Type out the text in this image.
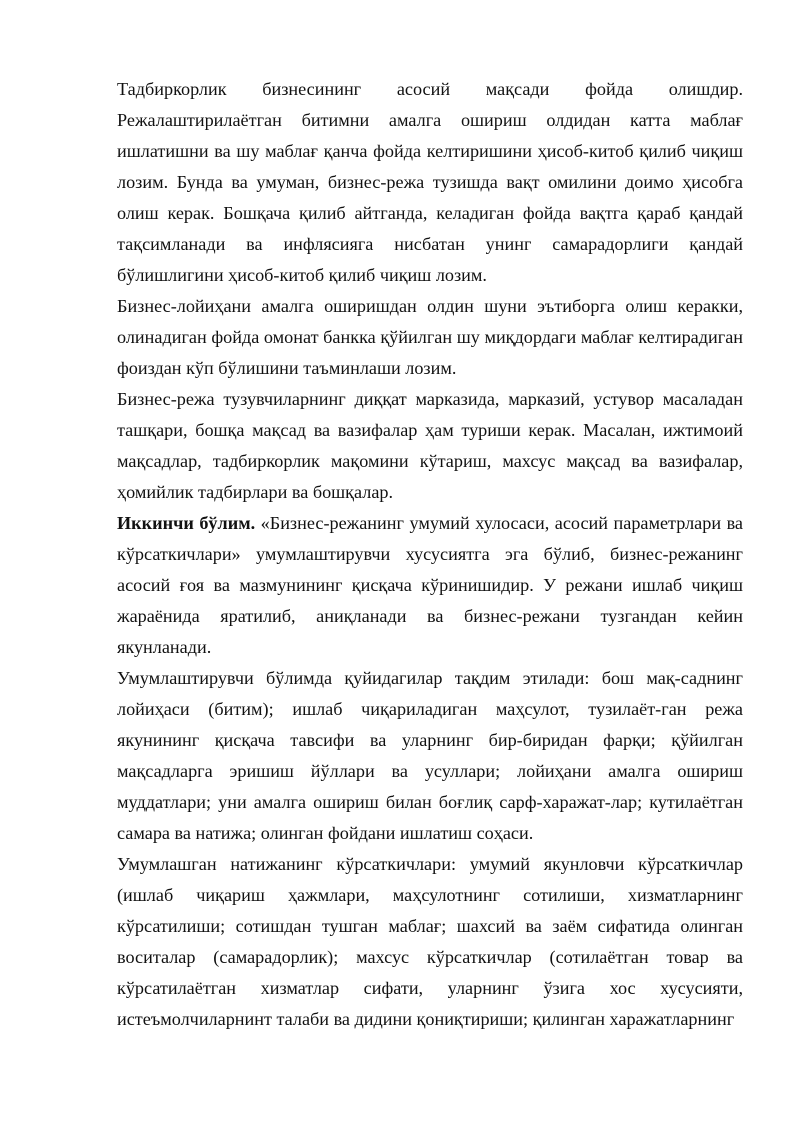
Тадбиркорлик бизнесининг асосий мақсади фойда олишдир. Режалаштирилаётган битимни амалга ошириш олдидан катта маблағ ишлатишни ва шу маблағ қанча фойда келтиришини ҳисоб-китоб қилиб чиқиш лозим. Бунда ва умуман, бизнес-режа тузишда вақт омилини доимо ҳисобга олиш керак. Бошқача қилиб айтганда, келадиган фойда вақтга қараб қандай тақсимланади ва инфлясияга нисбатан унинг самарадорлиги қандай бўлишлигини ҳисоб-китоб қилиб чиқиш лозим.

Бизнес-лойиҳани амалга оширишдан олдин шуни эътиборга олиш керакки, олинадиган фойда омонат банкка қўйилган шу миқдордаги маблағ келтирадиган фоиздан кўп бўлишини таъминлаши лозим.

Бизнес-режа тузувчиларнинг диққат марказида, марказий, устувор масаладан ташқари, бошқа мақсад ва вазифалар ҳам туриши керак. Масалан, ижтимоий мақсадлар, тадбиркорлик мақомини кўтариш, махсус мақсад ва вазифалар, ҳомийлик тадбирлари ва бошқалар.

Иккинчи бўлим. «Бизнес-режанинг умумий хулосаси, асосий параметрлари ва кўрсаткичлари» умумлаштирувчи хусусиятга эга бўлиб, бизнес-режанинг асосий ғоя ва мазмунининг қисқача кўринишидир. У режани ишлаб чиқиш жараёнида яратилиб, аниқланади ва бизнес-режани тузгандан кейин якунланади.

Умумлаштирувчи бўлимда қуйидагилар тақдим этилади: бош мақ-саднинг лойиҳаси (битим); ишлаб чиқариладиган маҳсулот, тузилаёт-ган режа якунининг қисқача тавсифи ва уларнинг бир-биридан фарқи; қўйилган мақсадларга эришиш йўллари ва усуллари; лойиҳани амалга ошириш муддатлари; уни амалга ошириш билан боғлиқ сарф-харажат-лар; кутилаётган самара ва натижа; олинган фойдани ишлатиш соҳаси.

Умумлашган натижанинг кўрсаткичлари: умумий якунловчи кўрсаткичлар (ишлаб чиқариш ҳажмлари, маҳсулотнинг сотилиши, хизматларнинг кўрсатилиши; сотишдан тушган маблағ; шахсий ва заём сифатида олинган воситалар (самарадорлик); махсус кўрсаткичлар (сотилаётган товар ва кўрсатилаётган хизматлар сифати, уларнинг ўзига хос хусусияти, истеъмолчиларнинт талаби ва дидини қониқтириши; қилинган харажатларнинг
